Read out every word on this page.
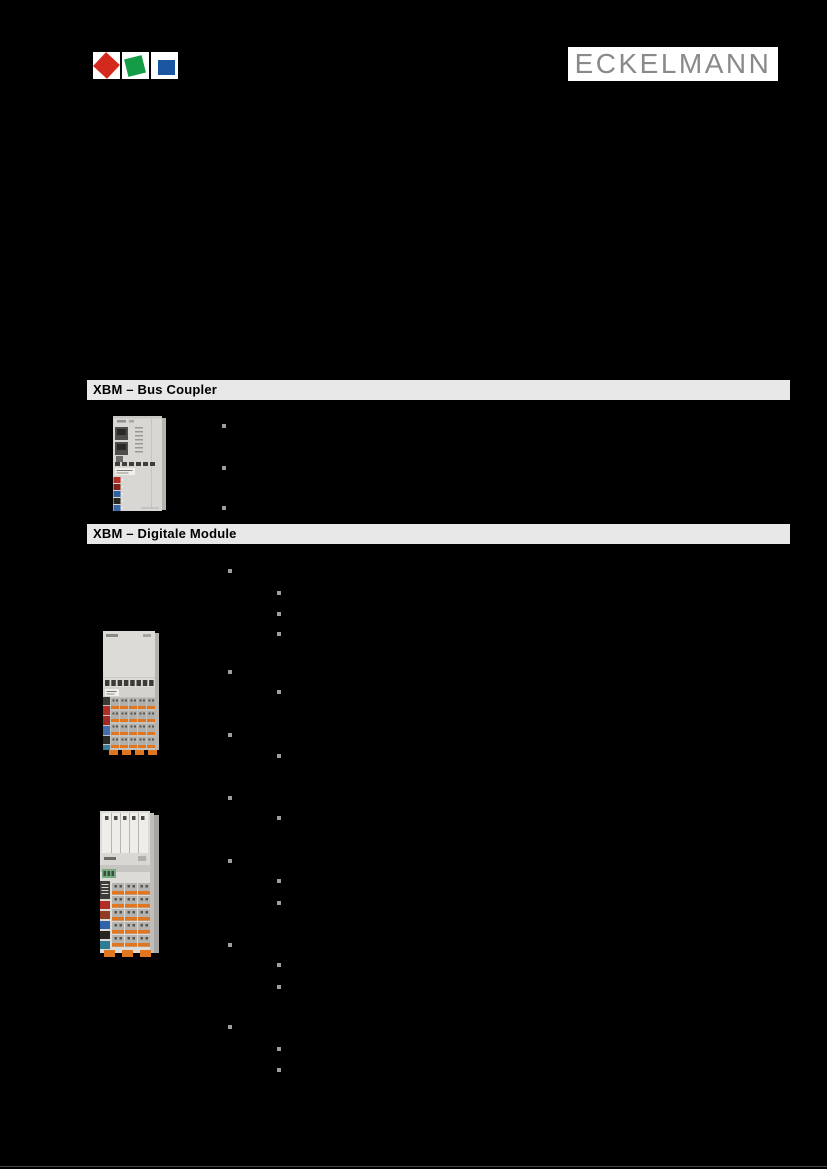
ECKELMANN
XBM – Bus Coupler
XBM – Digitale Module
